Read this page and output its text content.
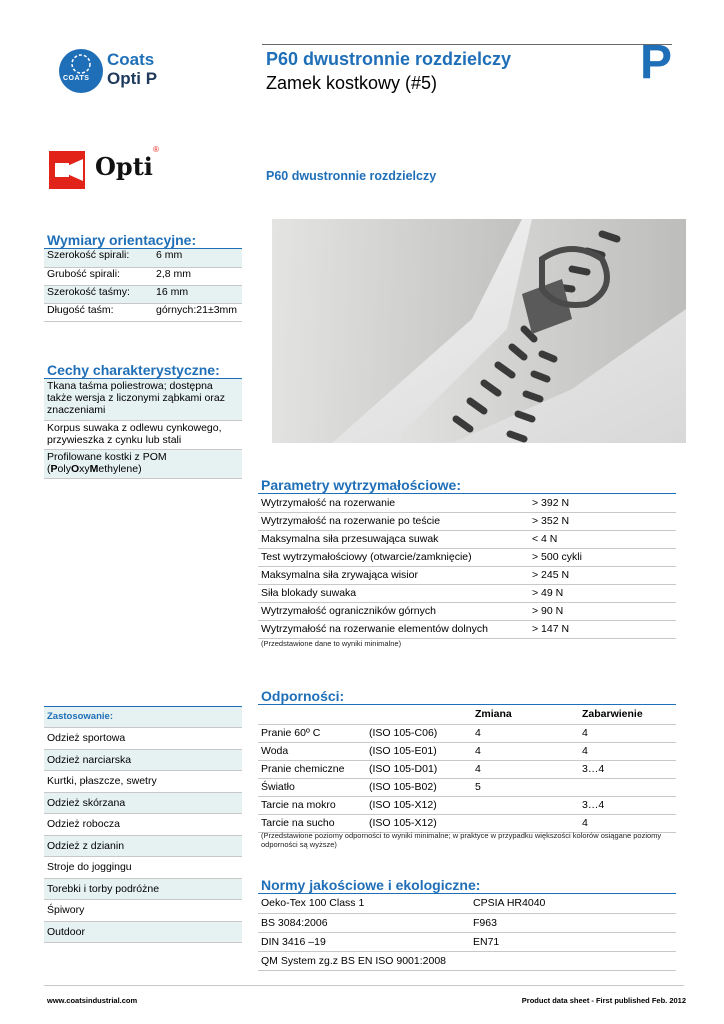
COATS
Coats
Opti P
P60 dwustronnie rozdzielczy
Zamek kostkowy (#5)	P
Opti
®
P60 dwustronnie rozdzielczy
Wymiary orientacyjne:
Szerokość spirali:	6 mm
Grubość spirali:	2,8 mm
Szerokość taśmy:	16 mm
Długość taśm:	górnych:21±3mm
Cechy charakterystyczne:
Tkana taśma poliestrowa; dostępna także wersja z liczonymi ząbkami oraz znaczeniami
Korpus suwaka z odlewu cynkowego, przywieszka z cynku lub stali
Profilowane kostki z POM
(PolyOxyMethylene)
Parametry wytrzymałościowe:
Wytrzymałość na rozerwanie	> 392 N
Wytrzymałość na rozerwanie po teście	> 352 N
Maksymalna siła przesuwająca suwak	< 4 N
Test wytrzymałościowy (otwarcie/zamknięcie)	> 500 cykli
Maksymalna siła zrywająca wisior	> 245 N
Siła blokady suwaka	> 49 N
Wytrzymałość ograniczników górnych	> 90 N
Wytrzymałość na rozerwanie elementów dolnych	> 147 N
(Przedstawione dane to wyniki minimalne)
Zastosowanie:
Odzież sportowa
Odzież narciarska
Kurtki, płaszcze, swetry
Odzież skórzana
Odzież robocza
Odzież z dzianin
Stroje do joggingu
Torebki i torby podróżne
Śpiwory
Outdoor
Odporności:
		Zmiana	Zabarwienie
Pranie 60º C	(ISO 105-C06)	4	4
Woda	(ISO 105-E01)	4	4
Pranie chemiczne	(ISO 105-D01)	4	3…4
Światło	(ISO 105-B02)	5	
Tarcie na mokro	(ISO 105-X12)		3…4
Tarcie na sucho	(ISO 105-X12)		4
(Przedstawione poziomy odporności to wyniki minimalne; w praktyce w przypadku większości kolorów osiągane poziomy odporności są wyższe)
Normy jakościowe i ekologiczne:
Oeko-Tex 100 Class 1	CPSIA HR4040
BS 3084:2006	F963
DIN 3416 –19	EN71
QM System zg.z BS EN ISO 9001:2008	
www.coatsindustrial.com	Product data sheet - First published Feb. 2012
